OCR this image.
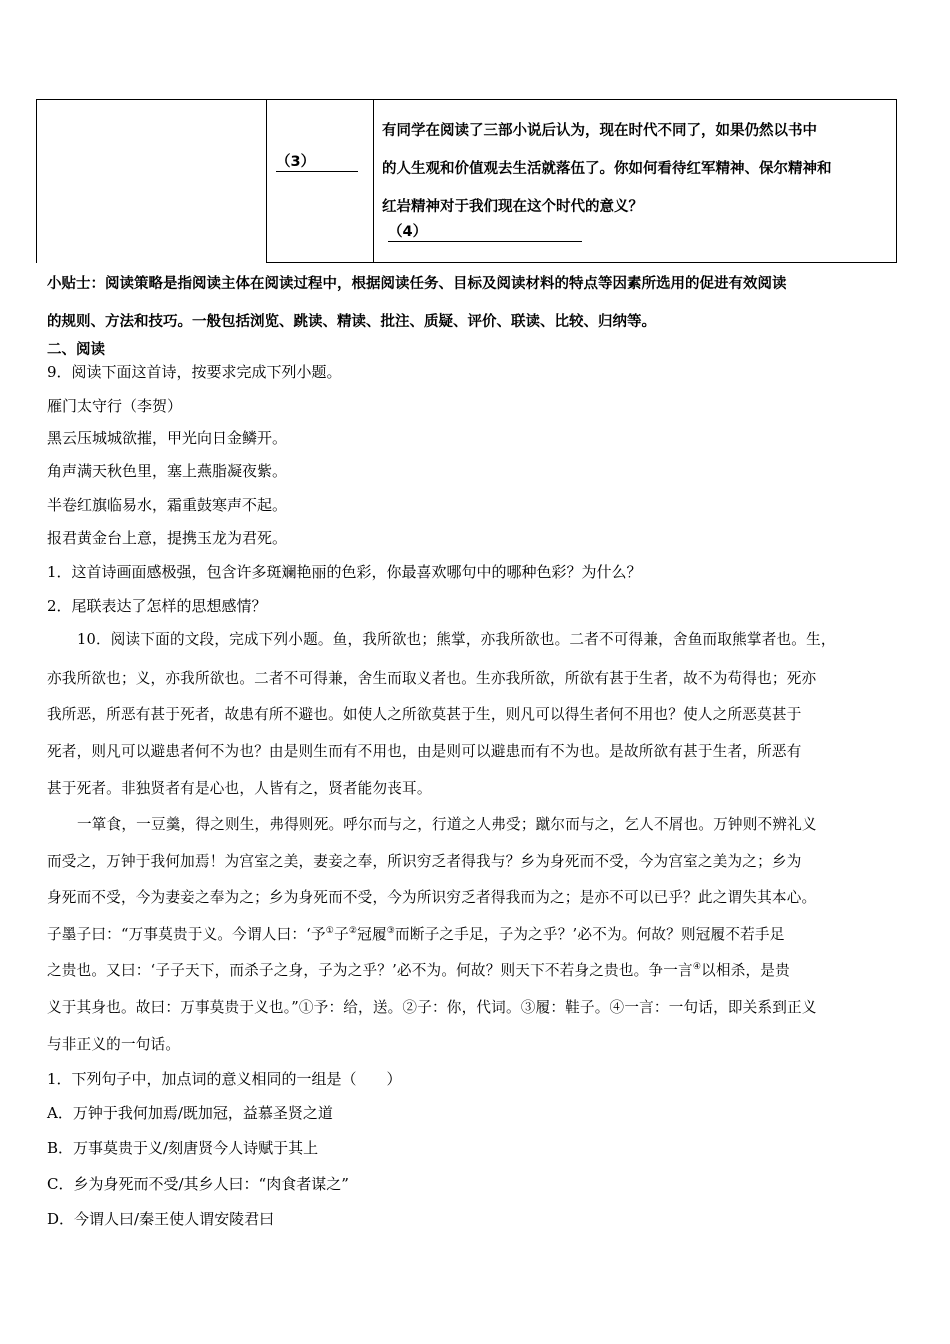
（3）
有同学在阅读了三部小说后认为，现在时代不同了，如果仍然以书中
的人生观和价值观去生活就落伍了。你如何看待红军精神、保尔精神和
红岩精神对于我们现在这个时代的意义？
（4）
小贴士：阅读策略是指阅读主体在阅读过程中，根据阅读任务、目标及阅读材料的特点等因素所选用的促进有效阅读
的规则、方法和技巧。一般包括浏览、跳读、精读、批注、质疑、评价、联读、比较、归纳等。
二、阅读
9．阅读下面这首诗，按要求完成下列小题。
雁门太守行（李贺）
黑云压城城欲摧，甲光向日金鳞开。
角声满天秋色里，塞上燕脂凝夜紫。
半卷红旗临易水，霜重鼓寒声不起。
报君黄金台上意，提携玉龙为君死。
1．这首诗画面感极强，包含许多斑斓艳丽的色彩，你最喜欢哪句中的哪种色彩？为什么？
2．尾联表达了怎样的思想感情？
10．阅读下面的文段，完成下列小题。鱼，我所欲也；熊掌，亦我所欲也。二者不可得兼，舍鱼而取熊掌者也。生，
亦我所欲也；义，亦我所欲也。二者不可得兼，舍生而取义者也。生亦我所欲，所欲有甚于生者，故不为苟得也；死亦
我所恶，所恶有甚于死者，故患有所不避也。如使人之所欲莫甚于生，则凡可以得生者何不用也？使人之所恶莫甚于
死者，则凡可以避患者何不为也？由是则生而有不用也，由是则可以避患而有不为也。是故所欲有甚于生者，所恶有
甚于死者。非独贤者有是心也，人皆有之，贤者能勿丧耳。
一箪食，一豆羹，得之则生，弗得则死。呼尔而与之，行道之人弗受；蹴尔而与之，乞人不屑也。万钟则不辨礼义
而受之，万钟于我何加焉！为宫室之美，妻妾之奉，所识穷乏者得我与？乡为身死而不受，今为宫室之美为之；乡为
身死而不受，今为妻妾之奉为之；乡为身死而不受，今为所识穷乏者得我而为之；是亦不可以已乎？此之谓失其本心。
子墨子曰：“万事莫贵于义。今谓人曰：‘予①子②冠履③而断子之手足，子为之乎？’必不为。何故？则冠履不若手足
之贵也。又曰：‘子子天下，而杀子之身，子为之乎？’必不为。何故？则天下不若身之贵也。争一言④以相杀，是贵
义于其身也。故曰：万事莫贵于义也。”①予：给，送。②子：你，代词。③履：鞋子。④一言：一句话，即关系到正义
与非正义的一句话。
1．下列句子中，加点词的意义相同的一组是（　　）
A．万钟于我何加焉/既加冠，益慕圣贤之道
B．万事莫贵于义/刻唐贤今人诗赋于其上
C．乡为身死而不受/其乡人曰：“肉食者谋之”
D．今谓人曰/秦王使人谓安陵君曰
